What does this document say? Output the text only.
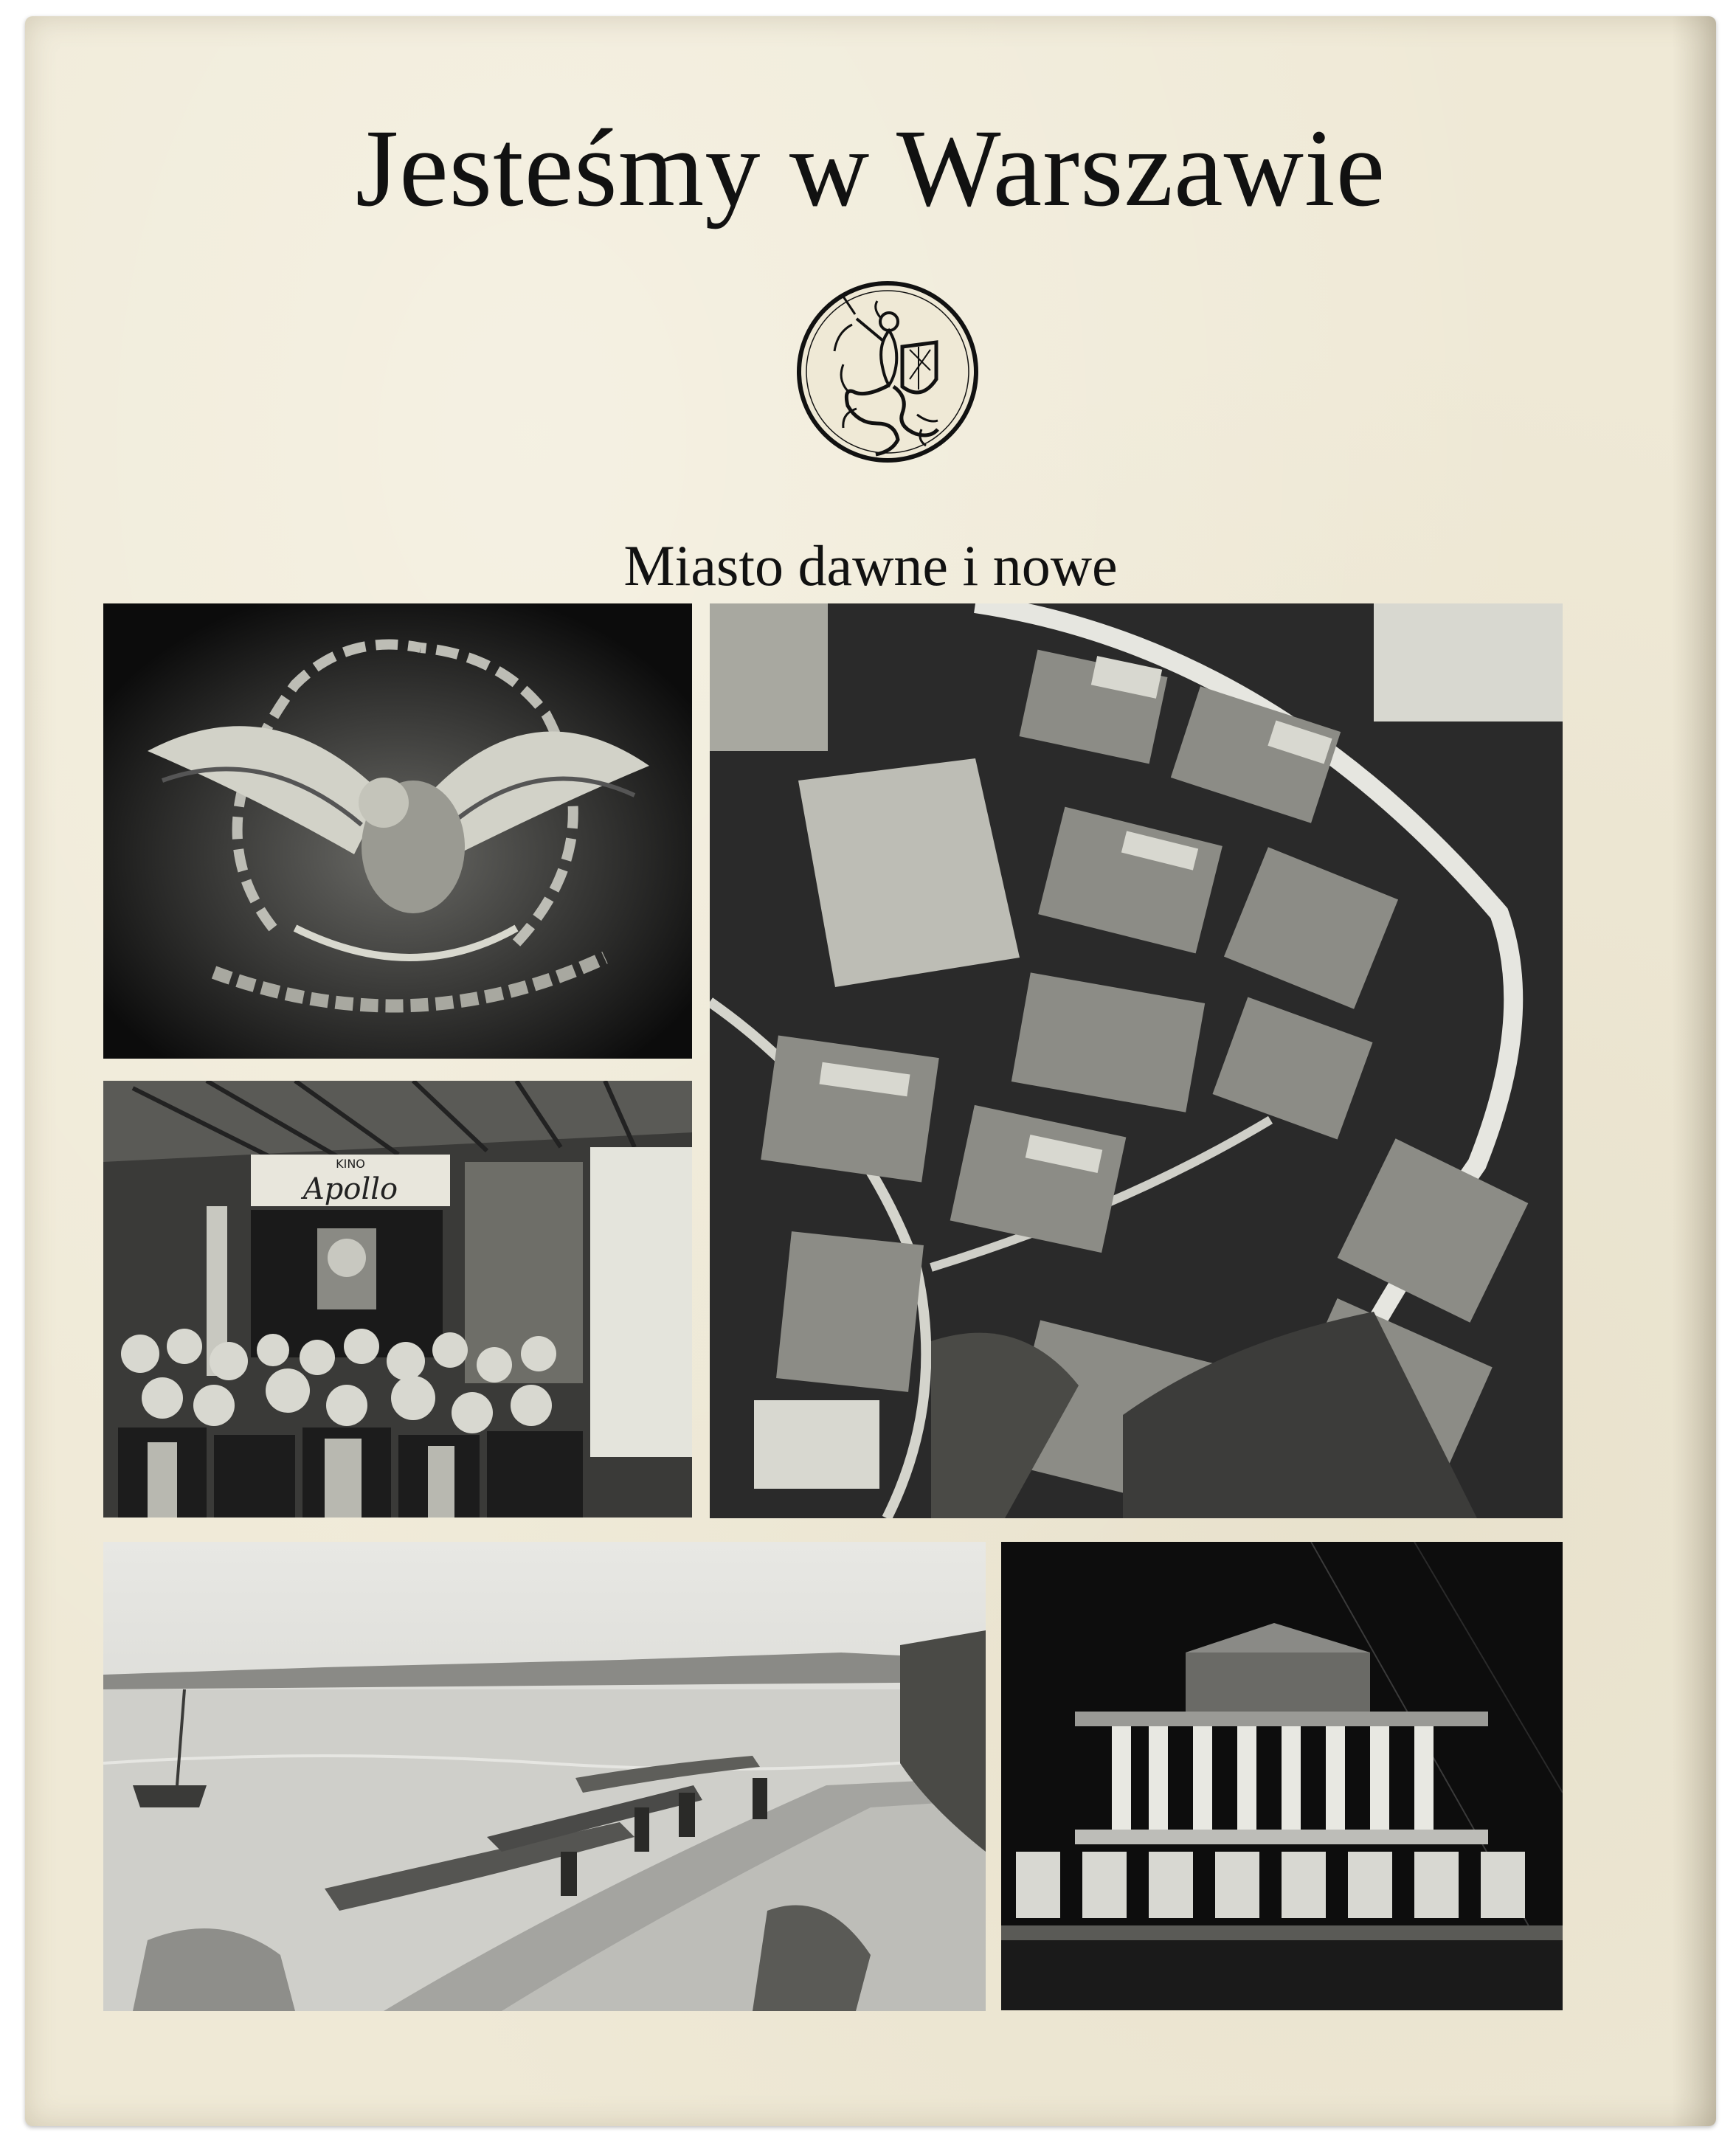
Jesteśmy w Warszawie

Miasto dawne i nowe

KINO
Apollo
